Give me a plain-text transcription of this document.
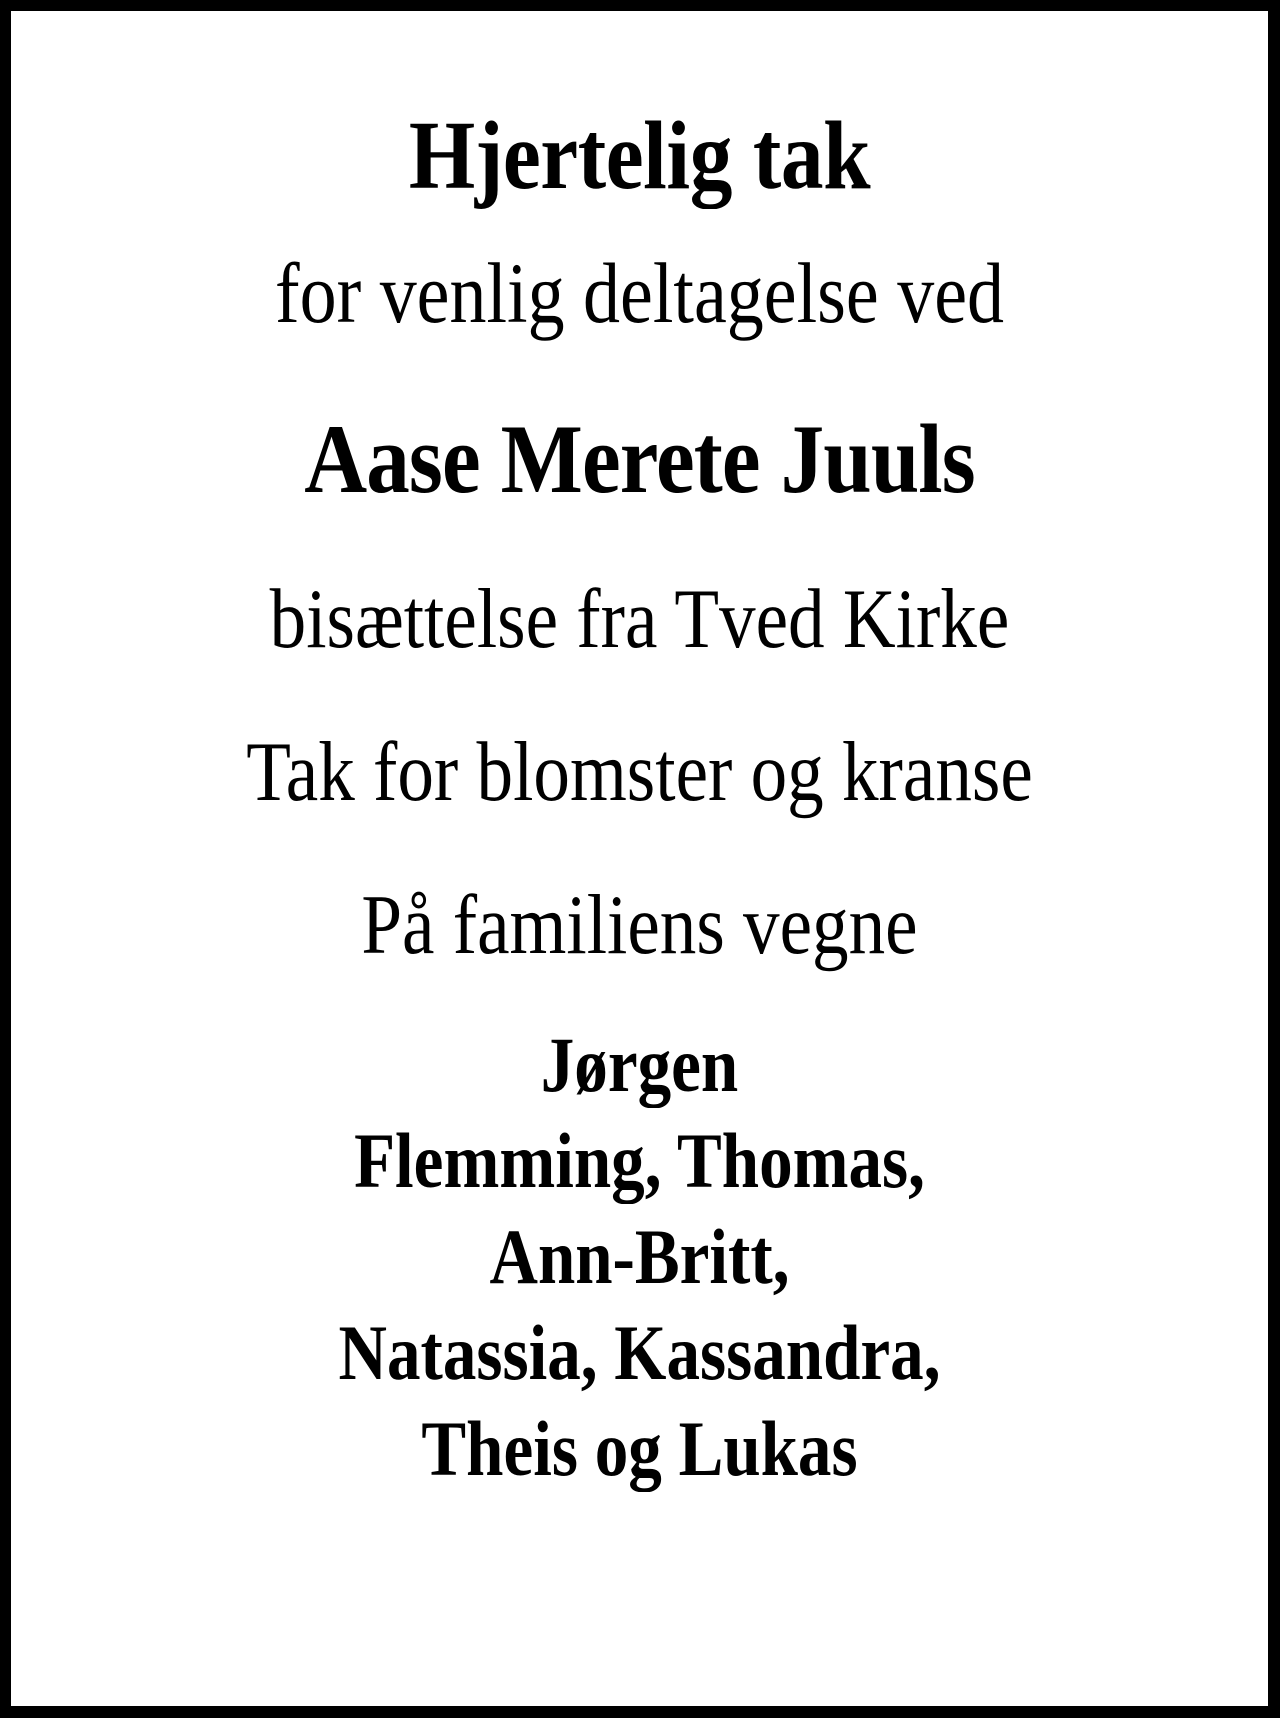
Hjertelig tak
for venlig deltagelse ved
Aase Merete Juuls
bisættelse fra Tved Kirke
Tak for blomster og kranse
På familiens vegne
Jørgen
Flemming, Thomas,
Ann-Britt,
Natassia, Kassandra,
Theis og Lukas
